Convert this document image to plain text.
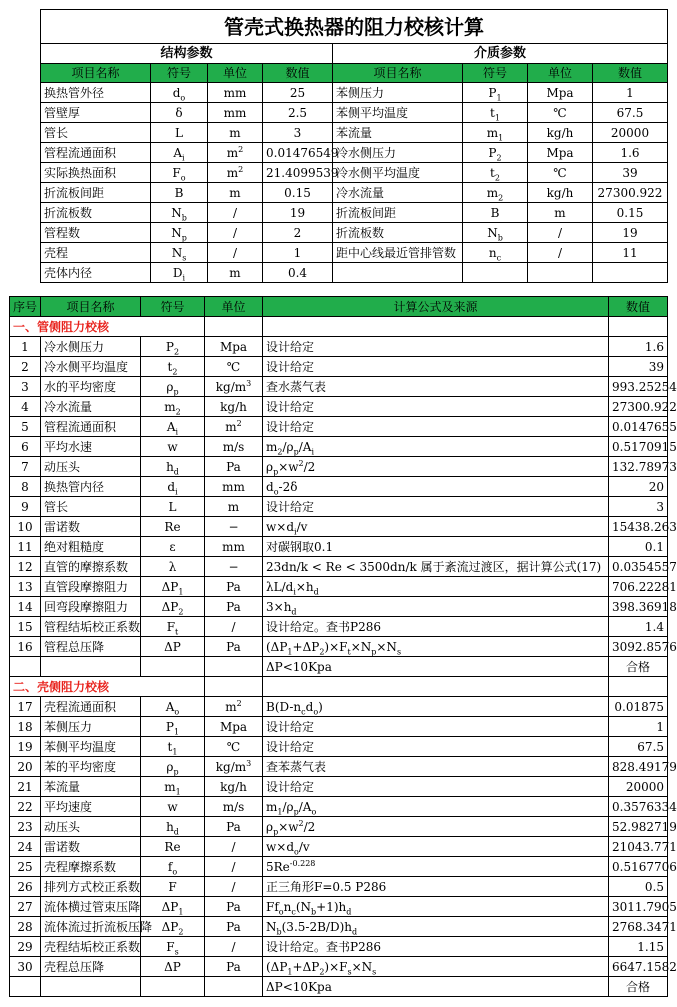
管壳式换热器的阻力校核计算							
结构参数				介质参数			
项目名称	符号	单位	数值	项目名称	符号	单位	数值
换热管外径	$d_o$	mm	25	苯侧压力	$P_1$	Mpa	1
管壁厚	δ	mm	2.5	苯侧平均温度	$t_1$	℃	67.5
管长	L	m	3	苯流量	$m_1$	kg/h	20000
管程流通面积	$A_i$	$m^2$	0.01476549	冷水侧压力	$P_2$	Mpa	1.6
实际换热面积	$F_o$	$m^2$	21.4099539	冷水侧平均温度	$t_2$	℃	39
折流板间距	B	m	0.15	冷水流量	$m_2$	kg/h	27300.922
折流板数	$N_b$	/	19	折流板间距	B	m	0.15
管程数	$N_p$	/	2	折流板数	$N_b$	/	19
壳程	$N_s$	/	1	距中心线最近管排管数	$n_c$	/	11
壳体内径	$D_i$	m	0.4				
序号	项目名称	符号	单位	计算公式及来源	数值
一、管侧阻力校核					
1	冷水侧压力	$P_2$	Mpa	设计给定	1.6
2	冷水侧平均温度	$t_2$	℃	设计给定	39
3	水的平均密度	$\rho_p$	$kg/m^3$	查水蒸气表	993.25254
4	冷水流量	$m_2$	kg/h	设计给定	27300.922
5	管程流通面积	$A_i$	$m^2$	设计给定	0.0147655
6	平均水速	w	m/s	$m_2/\rho_p/A_i$	0.5170915
7	动压头	$h_d$	Pa	$\rho_p\times w^2/2$	132.78973
8	换热管内径	$d_i$	mm	$d_o-2\delta$	20
9	管长	L	m	设计给定	3
10	雷诺数	Re	−	$w\times d_i/v$	15438.263
11	绝对粗糙度	ε	mm	对碳钢取0.1	0.1
12	直管的摩擦系数	λ	−	23dn/k < Re < 3500dn/k 属于紊流过渡区，据计算公式(17)	0.0354557
13	直管段摩擦阻力	$\Delta P_1$	Pa	$\lambda L/d_i\times h_d$	706.22281
14	回弯段摩擦阻力	$\Delta P_2$	Pa	$3\times h_d$	398.36918
15	管程结垢校正系数	$F_t$	/	设计给定。查书P286	1.4
16	管程总压降	ΔP	Pa	$(\Delta P_1+\Delta P_2)\times F_t\times N_p\times N_s$	3092.8576
				ΔP<10Kpa	合格
二、壳侧阻力校核					
17	壳程流通面积	$A_o$	$m^2$	$B(D-n_cd_o)$	0.01875
18	苯侧压力	$P_1$	Mpa	设计给定	1
19	苯侧平均温度	$t_1$	℃	设计给定	67.5
20	苯的平均密度	$\rho_p$	$kg/m^3$	查苯蒸气表	828.49179
21	苯流量	$m_1$	kg/h	设计给定	20000
22	平均速度	w	m/s	$m_1/\rho_p/A_o$	0.3576334
23	动压头	$h_d$	Pa	$\rho_p\times w^2/2$	52.982719
24	雷诺数	Re	/	$w\times d_o/v$	21043.771
25	壳程摩擦系数	$f_o$	/	$5Re^{-0.228}$	0.5167706
26	排列方式校正系数	F	/	正三角形F=0.5 P286	0.5
27	流体横过管束压降	$\Delta P_1$	Pa	$Ff_on_c(N_b+1)h_d$	3011.7905
28	流体流过折流板压降	$\Delta P_2$	Pa	$N_b(3.5-2B/D)h_d$	2768.3471
29	壳程结垢校正系数	$F_s$	/	设计给定。查书P286	1.15
30	壳程总压降	ΔP	Pa	$(\Delta P_1+\Delta P_2)\times F_s\times N_s$	6647.1582
				ΔP<10Kpa	合格
